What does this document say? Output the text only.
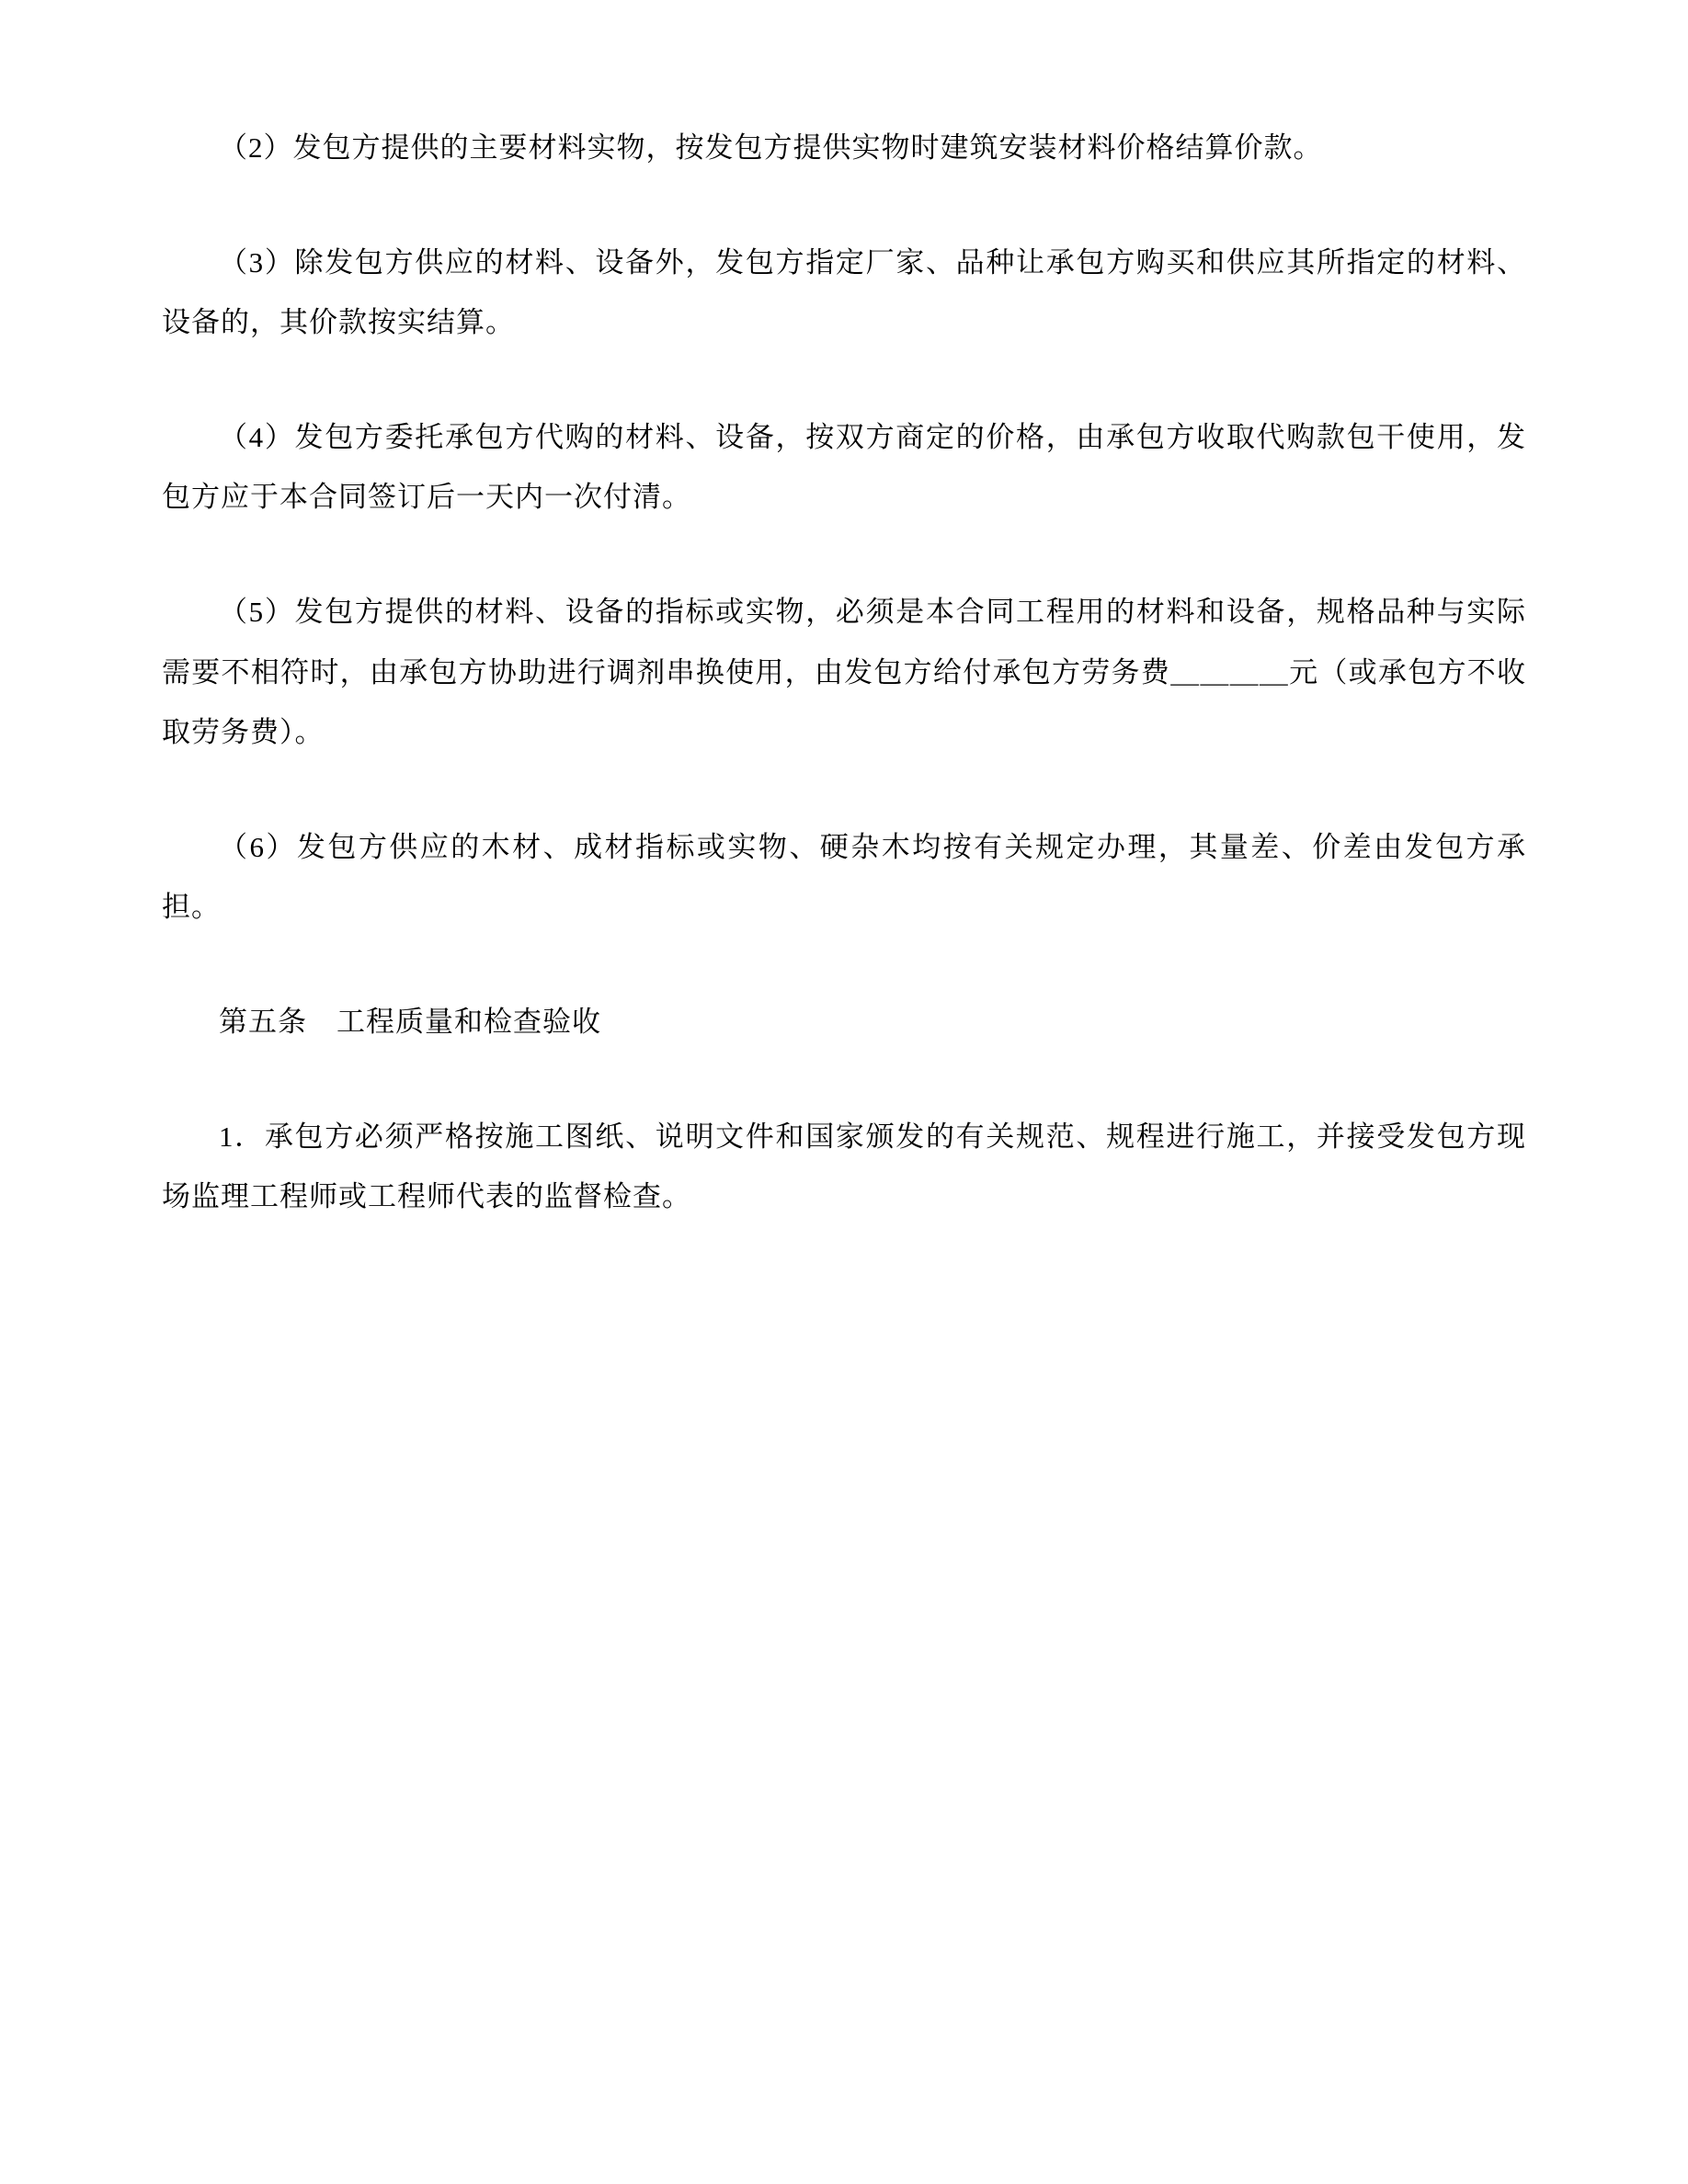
（2）发包方提供的主要材料实物，按发包方提供实物时建筑安装材料价格结算价款。

（3）除发包方供应的材料、设备外，发包方指定厂家、品种让承包方购买和供应其所指定的材料、设备的，其价款按实结算。

（4）发包方委托承包方代购的材料、设备，按双方商定的价格，由承包方收取代购款包干使用，发包方应于本合同签订后一天内一次付清。

（5）发包方提供的材料、设备的指标或实物，必须是本合同工程用的材料和设备，规格品种与实际需要不相符时，由承包方协助进行调剂串换使用，由发包方给付承包方劳务费＿＿＿＿元（或承包方不收取劳务费）。

（6）发包方供应的木材、成材指标或实物、硬杂木均按有关规定办理，其量差、价差由发包方承担。

第五条　工程质量和检查验收

1．承包方必须严格按施工图纸、说明文件和国家颁发的有关规范、规程进行施工，并接受发包方现场监理工程师或工程师代表的监督检查。
